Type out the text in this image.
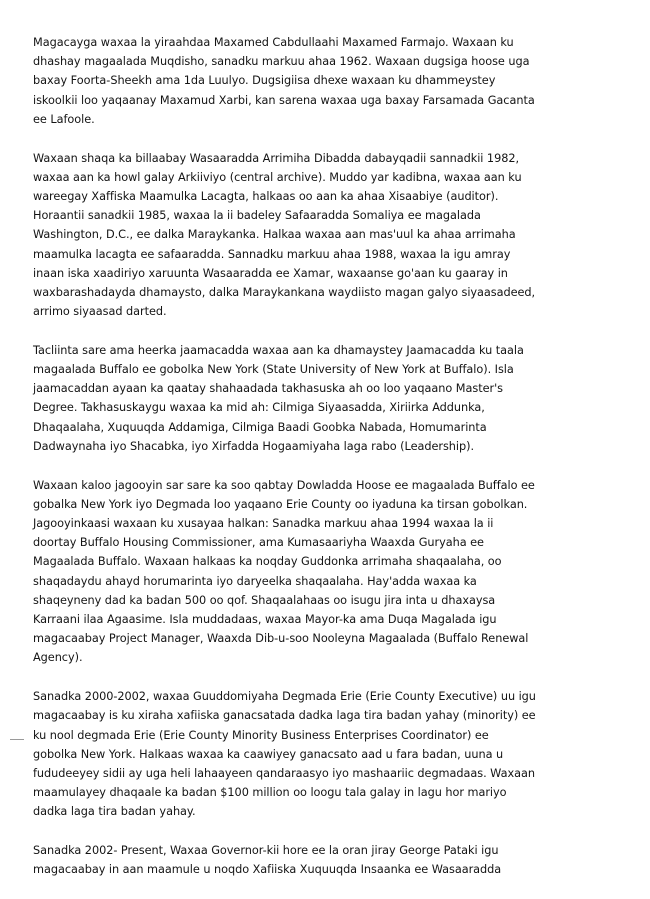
Magacayga waxaa la yiraahdaa Maxamed Cabdullaahi Maxamed Farmajo. Waxaan ku
dhashay magaalada Muqdisho, sanadku markuu ahaa 1962. Waxaan dugsiga hoose uga
baxay Foorta-Sheekh ama 1da Luulyo. Dugsigiisa dhexe waxaan ku dhammeystey
iskoolkii loo yaqaanay Maxamud Xarbi, kan sarena waxaa uga baxay Farsamada Gacanta
ee Lafoole.
Waxaan shaqa ka billaabay Wasaaradda Arrimiha Dibadda dabayqadii sannadkii 1982,
waxaa aan ka howl galay Arkiiviyo (central archive). Muddo yar kadibna, waxaa aan ku
wareegay Xaffiska Maamulka Lacagta, halkaas oo aan ka ahaa Xisaabiye (auditor).
Horaantii sanadkii 1985, waxaa la ii badeley Safaaradda Somaliya ee magalada
Washington, D.C., ee dalka Maraykanka. Halkaa waxaa aan mas'uul ka ahaa arrimaha
maamulka lacagta ee safaaradda. Sannadku markuu ahaa 1988, waxaa la igu amray
inaan iska xaadiriyo xaruunta Wasaaradda ee Xamar, waxaanse go'aan ku gaaray in
waxbarashadayda dhamaysto, dalka Maraykankana waydiisto magan galyo siyaasadeed,
arrimo siyaasad darted.
Tacliinta sare ama heerka jaamacadda waxaa aan ka dhamaystey Jaamacadda ku taala
magaalada Buffalo ee gobolka New York (State University of New York at Buffalo). Isla
jaamacaddan ayaan ka qaatay shahaadada takhasuska ah oo loo yaqaano Master's
Degree. Takhasuskaygu waxaa ka mid ah: Cilmiga Siyaasadda, Xiriirka Addunka,
Dhaqaalaha, Xuquuqda Addamiga, Cilmiga Baadi Goobka Nabada, Homumarinta
Dadwaynaha iyo Shacabka, iyo Xirfadda Hogaamiyaha laga rabo (Leadership).
Waxaan kaloo jagooyin sar sare ka soo qabtay Dowladda Hoose ee magaalada Buffalo ee
gobalka New York iyo Degmada loo yaqaano Erie County oo iyaduna ka tirsan gobolkan.
Jagooyinkaasi waxaan ku xusayaa halkan: Sanadka markuu ahaa 1994 waxaa la ii
doortay Buffalo Housing Commissioner, ama Kumasaariyha Waaxda Guryaha ee
Magaalada Buffalo. Waxaan halkaas ka noqday Guddonka arrimaha shaqaalaha, oo
shaqadaydu ahayd horumarinta iyo daryeelka shaqaalaha. Hay'adda waxaa ka
shaqeyneny dad ka badan 500 oo qof. Shaqaalahaas oo isugu jira inta u dhaxaysa
Karraani ilaa Agaasime. Isla muddadaas, waxaa Mayor-ka ama Duqa Magalada igu
magacaabay Project Manager, Waaxda Dib-u-soo Nooleyna Magaalada (Buffalo Renewal
Agency).
Sanadka 2000-2002, waxaa Guuddomiyaha Degmada Erie (Erie County Executive) uu igu
magacaabay is ku xiraha xafiiska ganacsatada dadka laga tira badan yahay (minority) ee
ku nool degmada Erie (Erie County Minority Business Enterprises Coordinator) ee
gobolka New York. Halkaas waxaa ka caawiyey ganacsato aad u fara badan, uuna u
fududeeyey sidii ay uga heli lahaayeen qandaraasyo iyo mashaariic degmadaas. Waxaan
maamulayey dhaqaale ka badan $100 million oo loogu tala galay in lagu hor mariyo
dadka laga tira badan yahay.
Sanadka 2002- Present, Waxaa Governor-kii hore ee la oran jiray George Pataki igu
magacaabay in aan maamule u noqdo Xafiiska Xuquuqda Insaanka ee Wasaaradda
